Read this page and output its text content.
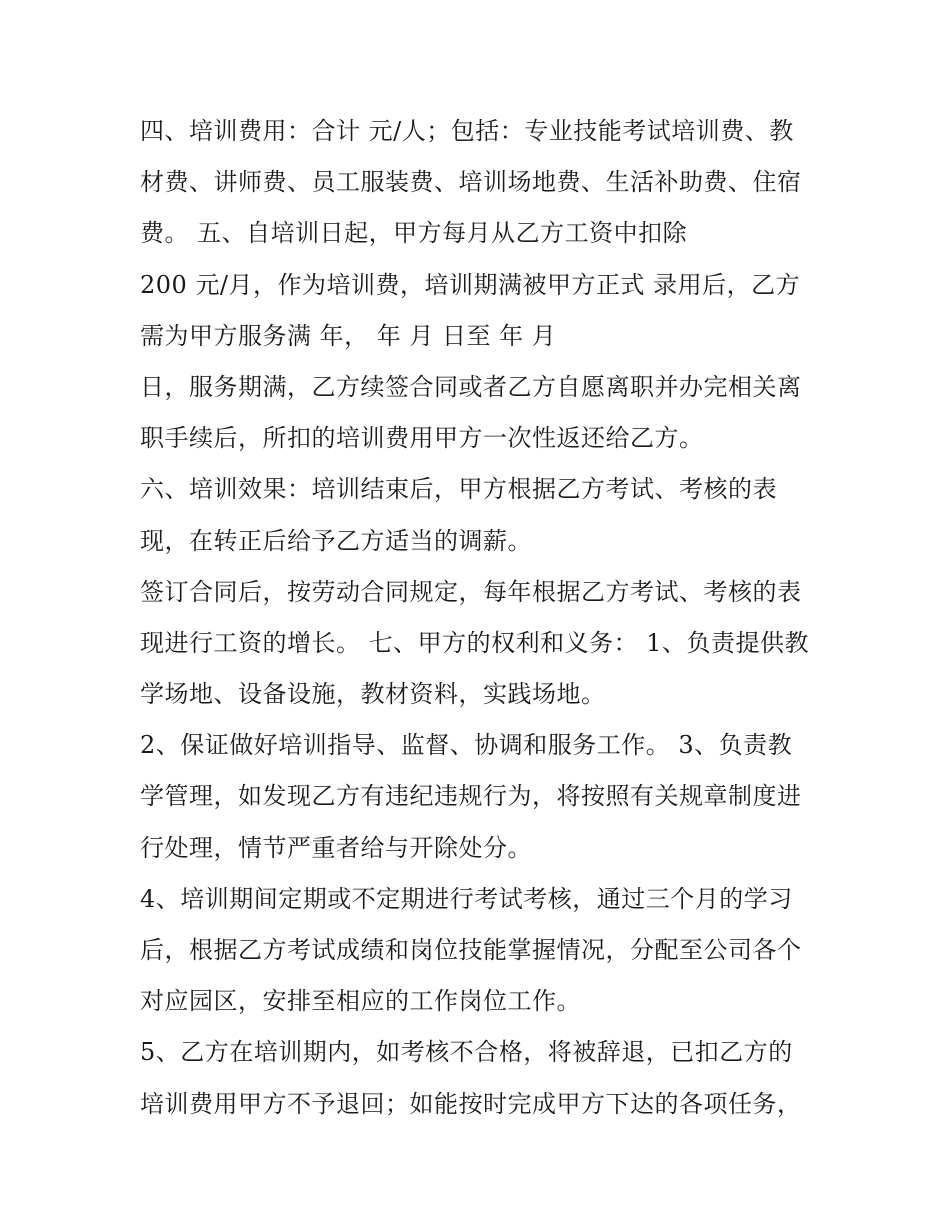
四、培训费用：合计 元/人；包括：专业技能考试培训费、教
材费、讲师费、员工服装费、培训场地费、生活补助费、住宿
费。 五、自培训日起，甲方每月从乙方工资中扣除
200 元/月，作为培训费，培训期满被甲方正式 录用后，乙方
需为甲方服务满 年， 年 月 日至 年 月
日，服务期满，乙方续签合同或者乙方自愿离职并办完相关离
职手续后，所扣的培训费用甲方一次性返还给乙方。
六、培训效果：培训结束后，甲方根据乙方考试、考核的表
现，在转正后给予乙方适当的调薪。
签订合同后，按劳动合同规定，每年根据乙方考试、考核的表
现进行工资的增长。 七、甲方的权利和义务： 1、负责提供教
学场地、设备设施，教材资料，实践场地。
2、保证做好培训指导、监督、协调和服务工作。 3、负责教
学管理，如发现乙方有违纪违规行为，将按照有关规章制度进
行处理，情节严重者给与开除处分。
4、培训期间定期或不定期进行考试考核，通过三个月的学习
后，根据乙方考试成绩和岗位技能掌握情况，分配至公司各个
对应园区，安排至相应的工作岗位工作。
5、乙方在培训期内，如考核不合格，将被辞退，已扣乙方的
培训费用甲方不予退回；如能按时完成甲方下达的各项任务，
